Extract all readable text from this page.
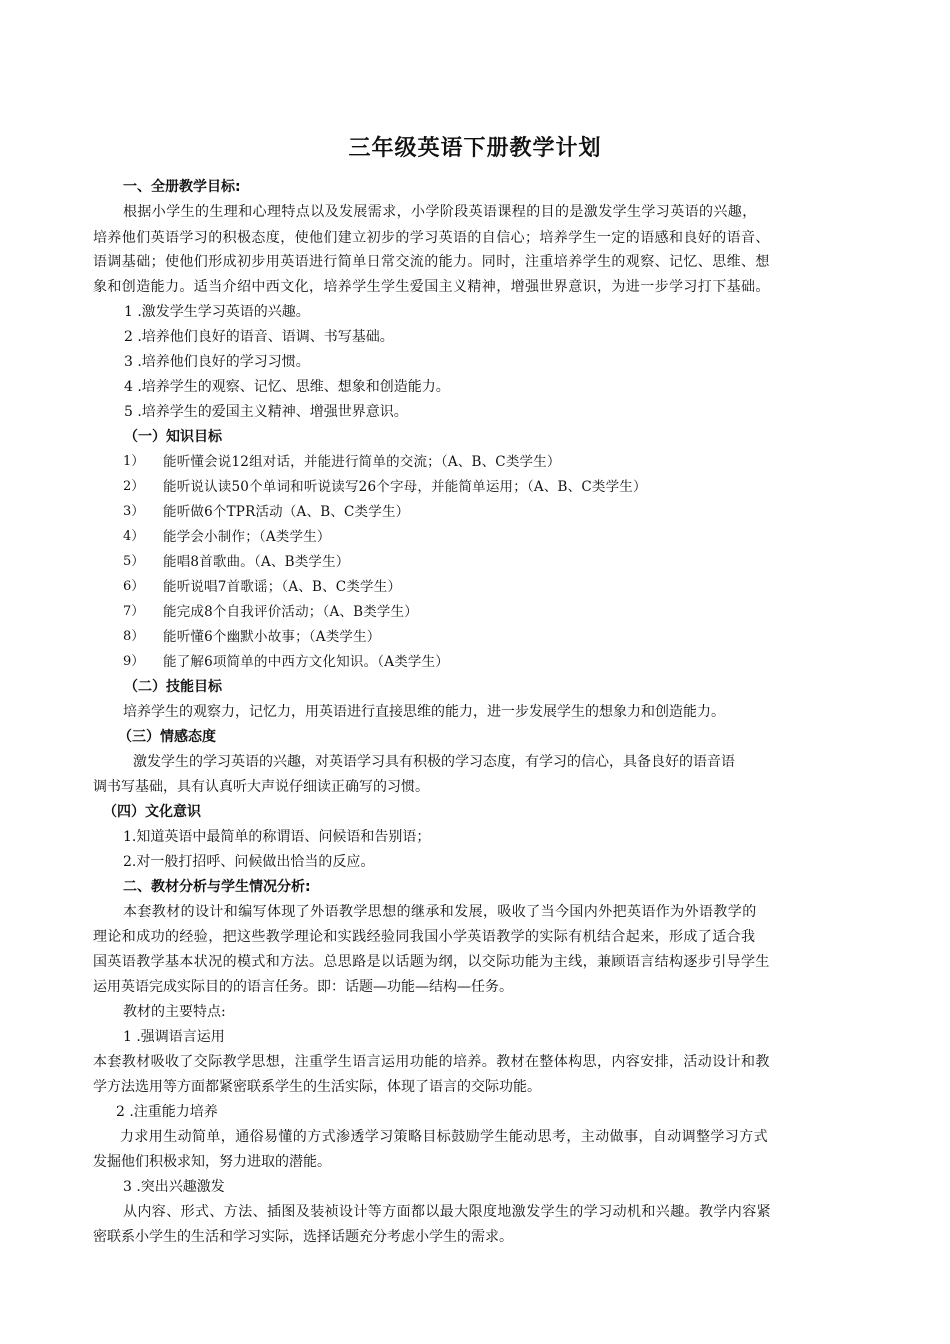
三年级英语下册教学计划
一、全册教学目标:
根据小学生的生理和心理特点以及发展需求，小学阶段英语课程的目的是激发学生学习英语的兴趣，
培养他们英语学习的积极态度，使他们建立初步的学习英语的自信心；培养学生一定的语感和良好的语音、
语调基础；使他们形成初步用英语进行简单日常交流的能力。同时，注重培养学生的观察、记忆、思维、想
象和创造能力。适当介绍中西文化，培养学生学生爱国主义精神，增强世界意识，为进一步学习打下基础。
1 .激发学生学习英语的兴趣。
2 .培养他们良好的语音、语调、书写基础。
3 .培养他们良好的学习习惯。
4 .培养学生的观察、记忆、思维、想象和创造能力。
5 .培养学生的爱国主义精神、增强世界意识。
（一）知识目标
1） 能听懂会说12组对话，并能进行简单的交流；（A、B、C类学生）
2） 能听说认读50个单词和听说读写26个字母，并能简单运用；（A、B、C类学生）
3） 能听做6个TPR活动（A、B、C类学生）
4） 能学会小制作；（A类学生）
5） 能唱8首歌曲。（A、B类学生）
6） 能听说唱7首歌谣；（A、B、C类学生）
7） 能完成8个自我评价活动；（A、B类学生）
8） 能听懂6个幽默小故事；（A类学生）
9） 能了解6项简单的中西方文化知识。（A类学生）
（二）技能目标
培养学生的观察力，记忆力，用英语进行直接思维的能力，进一步发展学生的想象力和创造能力。
（三）情感态度
激发学生的学习英语的兴趣，对英语学习具有积极的学习态度，有学习的信心，具备良好的语音语
调书写基础，具有认真听大声说仔细读正确写的习惯。
（四）文化意识
1.知道英语中最简单的称谓语、问候语和告别语；
2.对一般打招呼、问候做出恰当的反应。
二、教材分析与学生情况分析:
本套教材的设计和编写体现了外语教学思想的继承和发展，吸收了当今国内外把英语作为外语教学的
理论和成功的经验，把这些教学理论和实践经验同我国小学英语教学的实际有机结合起来，形成了适合我
国英语教学基本状况的模式和方法。总思路是以话题为纲，以交际功能为主线，兼顾语言结构逐步引导学生
运用英语完成实际目的的语言任务。即：话题—功能—结构—任务。
教材的主要特点:
1 .强调语言运用
本套教材吸收了交际教学思想，注重学生语言运用功能的培养。教材在整体构思，内容安排，活动设计和教
学方法选用等方面都紧密联系学生的生活实际，体现了语言的交际功能。
2 .注重能力培养
力求用生动简单，通俗易懂的方式渗透学习策略目标鼓励学生能动思考，主动做事，自动调整学习方式
发掘他们积极求知，努力进取的潜能。
3 .突出兴趣激发
从内容、形式、方法、插图及装祯设计等方面都以最大限度地激发学生的学习动机和兴趣。教学内容紧
密联系小学生的生活和学习实际，选择话题充分考虑小学生的需求。
